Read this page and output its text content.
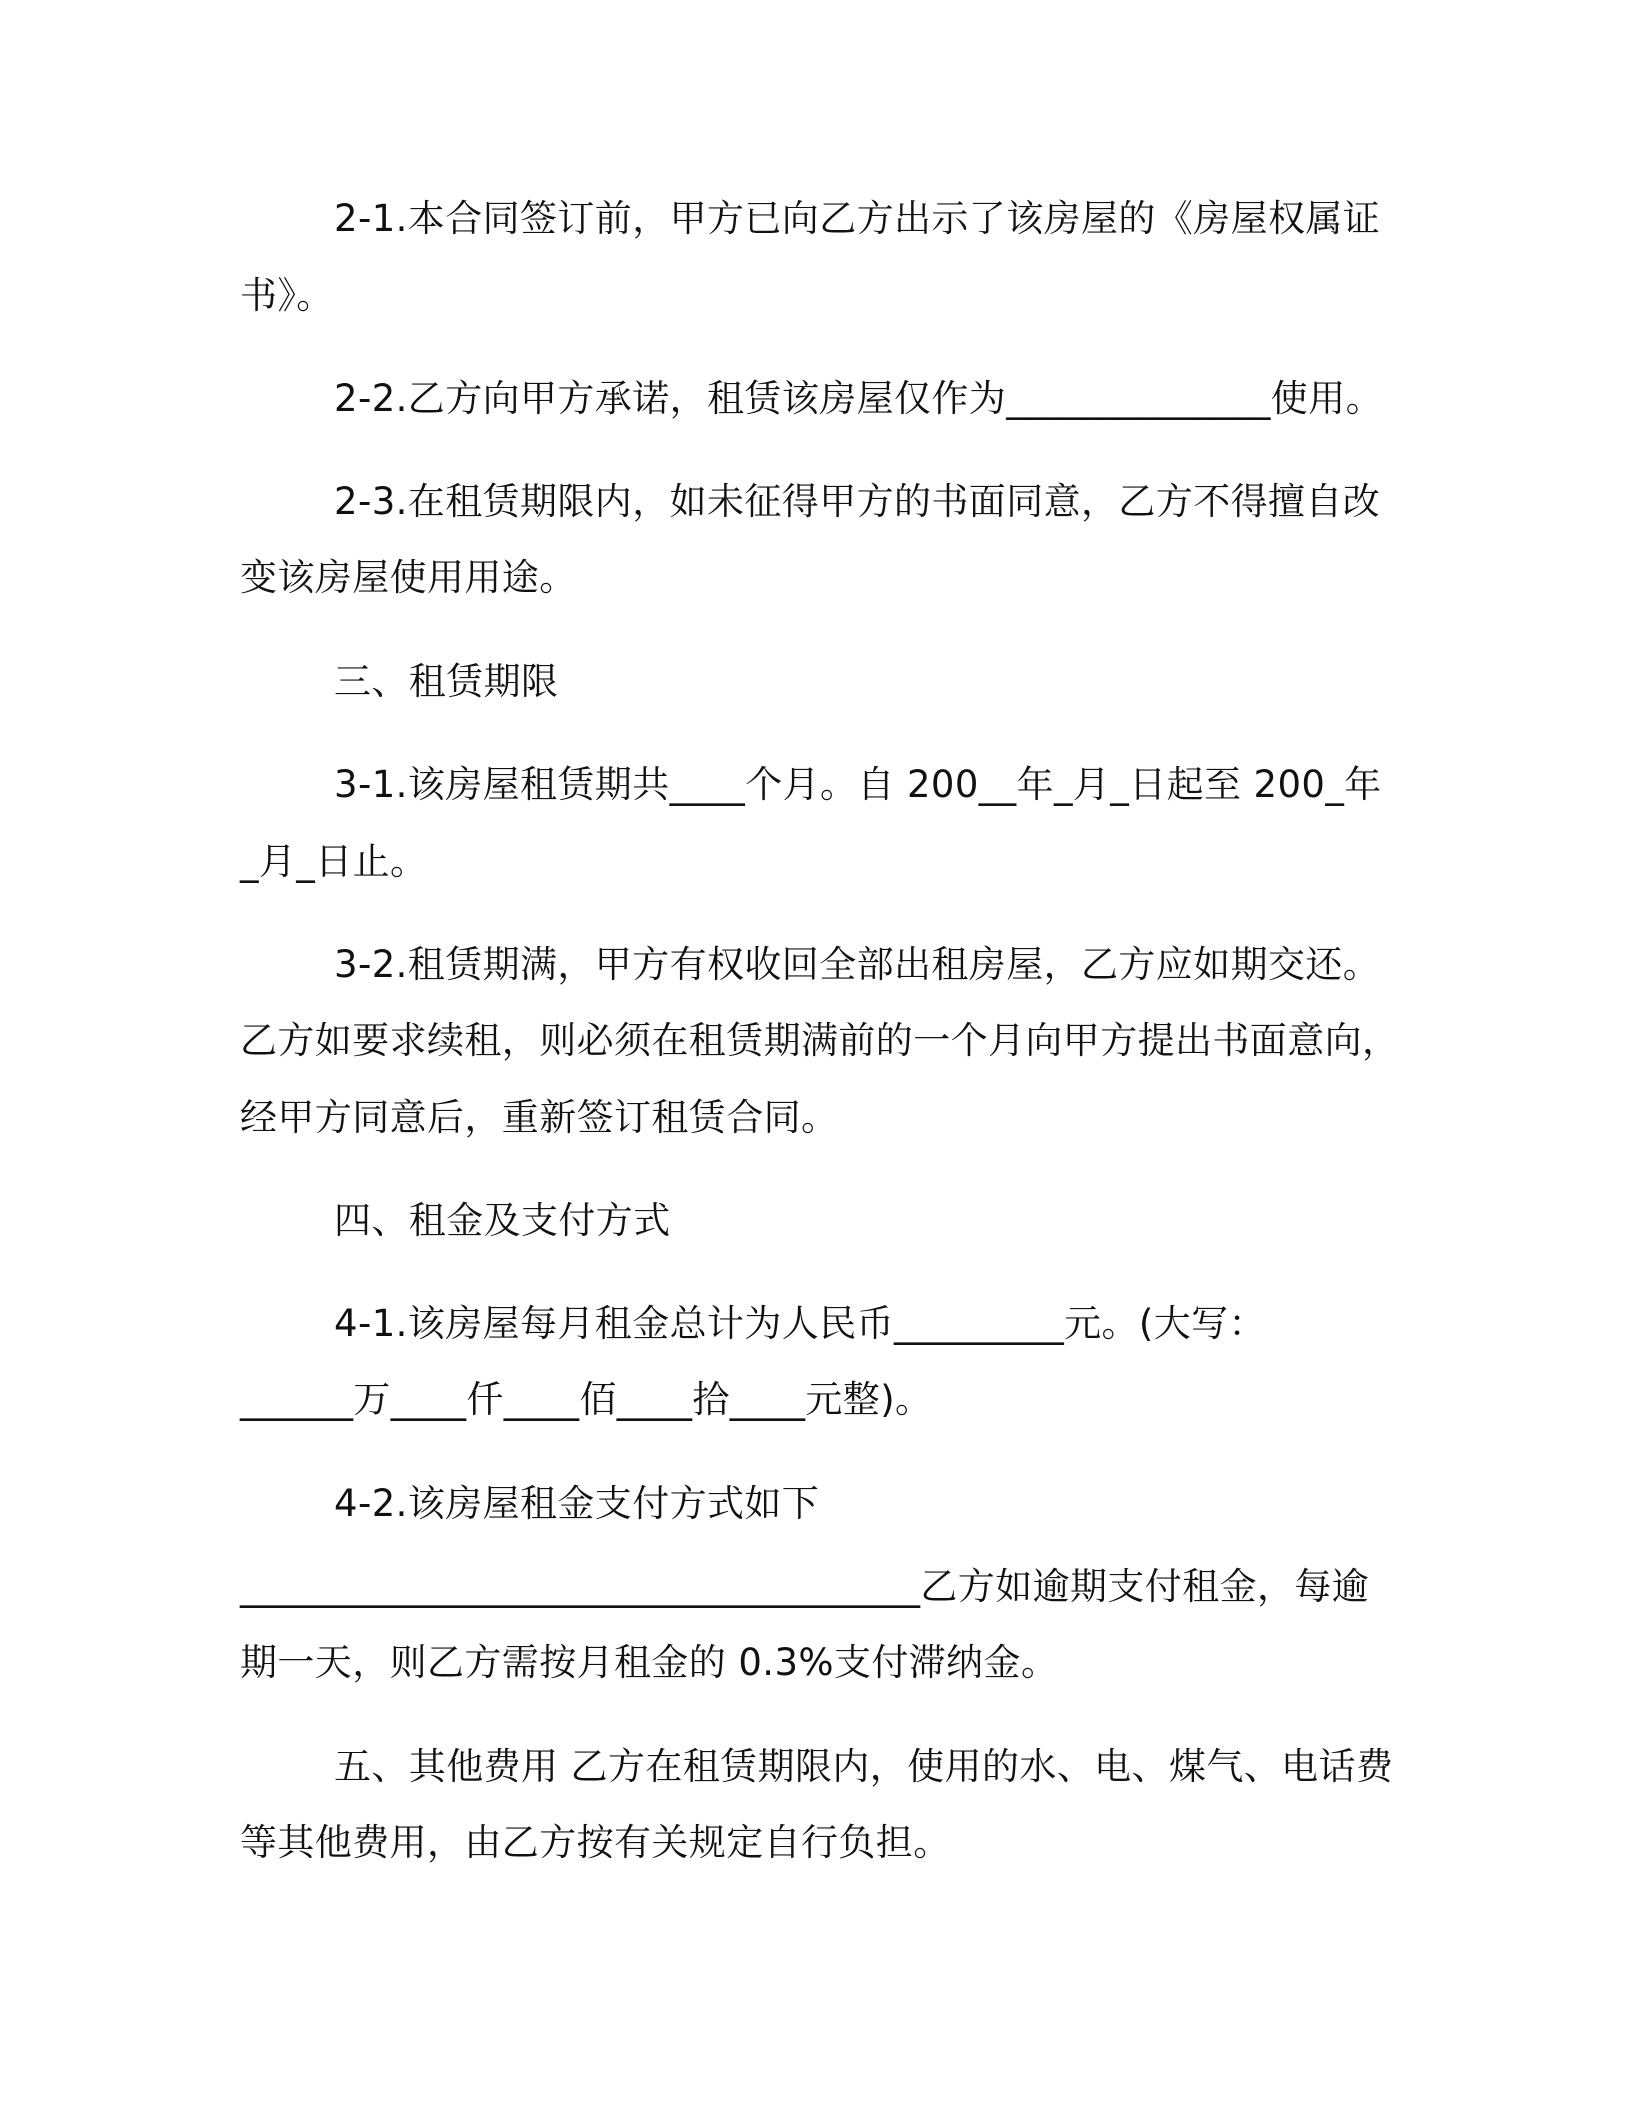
2-1.本合同签订前，甲方已向乙方出示了该房屋的《房屋权属证
书》。
2-2.乙方向甲方承诺，租赁该房屋仅作为______________使用。
2-3.在租赁期限内，如未征得甲方的书面同意，乙方不得擅自改
变该房屋使用用途。
三、租赁期限
3-1.该房屋租赁期共____个月。自 200__年_月_日起至 200_年
_月_日止。
3-2.租赁期满，甲方有权收回全部出租房屋，乙方应如期交还。
乙方如要求续租，则必须在租赁期满前的一个月向甲方提出书面意向，
经甲方同意后，重新签订租赁合同。
四、租金及支付方式
4-1.该房屋每月租金总计为人民币_________元。(大写：
______万____仟____佰____拾____元整)。
4-2.该房屋租金支付方式如下
____________________________________乙方如逾期支付租金，每逾
期一天，则乙方需按月租金的 0.3%支付滞纳金。
五、其他费用 乙方在租赁期限内，使用的水、电、煤气、电话费
等其他费用，由乙方按有关规定自行负担。
